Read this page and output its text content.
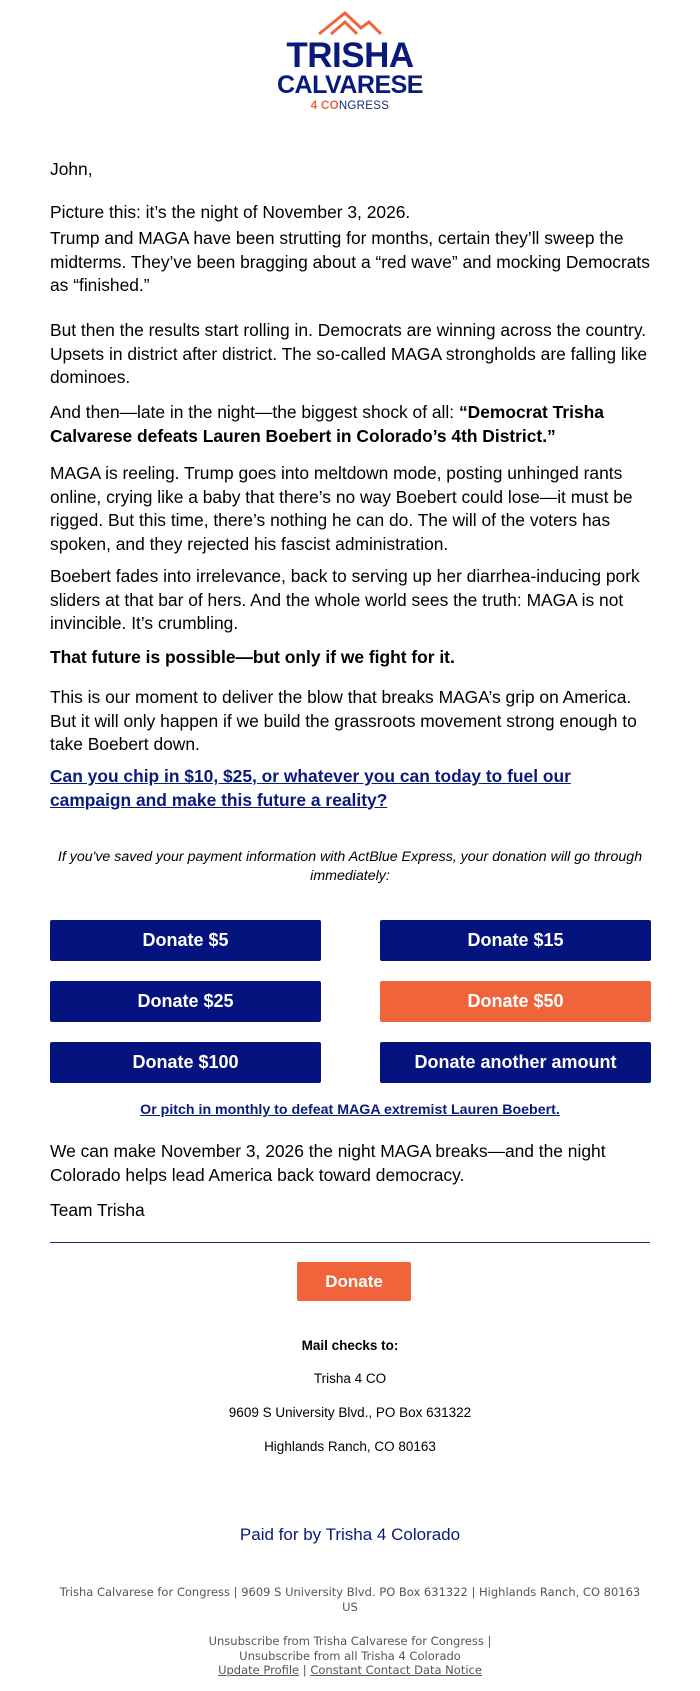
TRISHA
CALVARESE
4 CONGRESS

John,

Picture this: it’s the night of November 3, 2026.

Trump and MAGA have been strutting for months, certain they’ll sweep the midterms. They’ve been bragging about a “red wave” and mocking Democrats as “finished.”

But then the results start rolling in. Democrats are winning across the country. Upsets in district after district. The so-called MAGA strongholds are falling like dominoes.

And then—late in the night—the biggest shock of all: “Democrat Trisha Calvarese defeats Lauren Boebert in Colorado’s 4th District.”

MAGA is reeling. Trump goes into meltdown mode, posting unhinged rants online, crying like a baby that there’s no way Boebert could lose—it must be rigged. But this time, there’s nothing he can do. The will of the voters has spoken, and they rejected his fascist administration.

Boebert fades into irrelevance, back to serving up her diarrhea-inducing pork sliders at that bar of hers. And the whole world sees the truth: MAGA is not invincible. It’s crumbling.

That future is possible—but only if we fight for it.

This is our moment to deliver the blow that breaks MAGA’s grip on America. But it will only happen if we build the grassroots movement strong enough to take Boebert down.

Can you chip in $10, $25, or whatever you can today to fuel our campaign and make this future a reality?

If you've saved your payment information with ActBlue Express, your donation will go through immediately:
Donate $5	Donate $15
Donate $25	Donate $50
Donate $100	Donate another amount
Or pitch in monthly to defeat MAGA extremist Lauren Boebert.

We can make November 3, 2026 the night MAGA breaks—and the night Colorado helps lead America back toward democracy.

Team Trisha

Donate
Mail checks to:
Trisha 4 CO
9609 S University Blvd., PO Box 631322
Highlands Ranch, CO 80163
Paid for by Trisha 4 Colorado
Trisha Calvarese for Congress | 9609 S University Blvd. PO Box 631322 | Highlands Ranch, CO 80163 US
Unsubscribe from Trisha Calvarese for Congress |
Unsubscribe from all Trisha 4 Colorado
Update Profile | Constant Contact Data Notice
